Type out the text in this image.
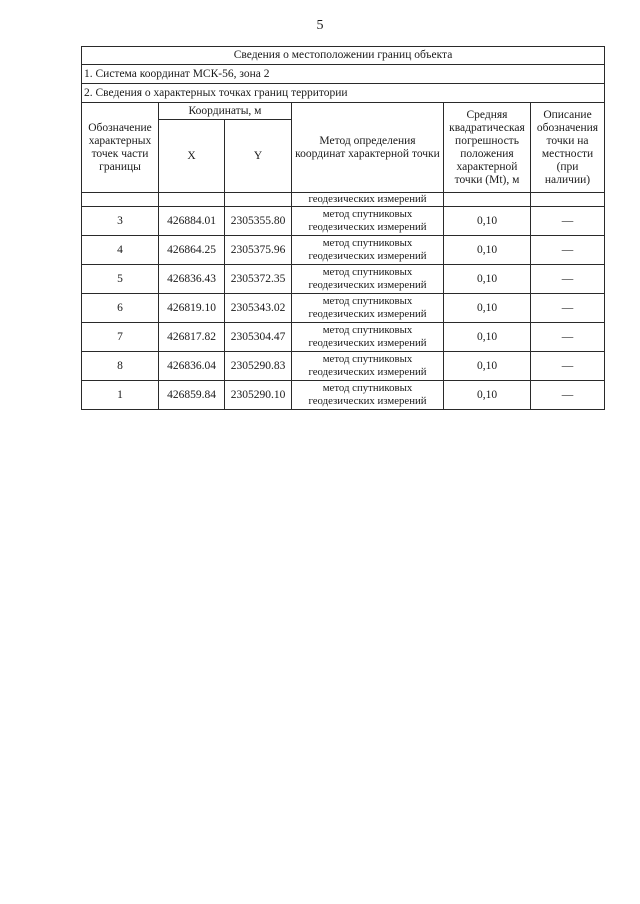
5
Сведения о местоположении границ объекта					
1. Система координат МСК-56, зона 2					
2. Сведения о характерных точках границ территории					
Обозначение характерных точек части границы	Координаты, м		Метод определения координат характерной точки	Средняя квадратическая погрешность положения характерной точки (Mt), м	Описание обозначения точки на местности (при наличии)
	X	Y			
			геодезических измерений		
3	426884.01	2305355.80	метод спутниковых геодезических измерений	0,10	—
4	426864.25	2305375.96	метод спутниковых геодезических измерений	0,10	—
5	426836.43	2305372.35	метод спутниковых геодезических измерений	0,10	—
6	426819.10	2305343.02	метод спутниковых геодезических измерений	0,10	—
7	426817.82	2305304.47	метод спутниковых геодезических измерений	0,10	—
8	426836.04	2305290.83	метод спутниковых геодезических измерений	0,10	—
1	426859.84	2305290.10	метод спутниковых геодезических измерений	0,10	—
